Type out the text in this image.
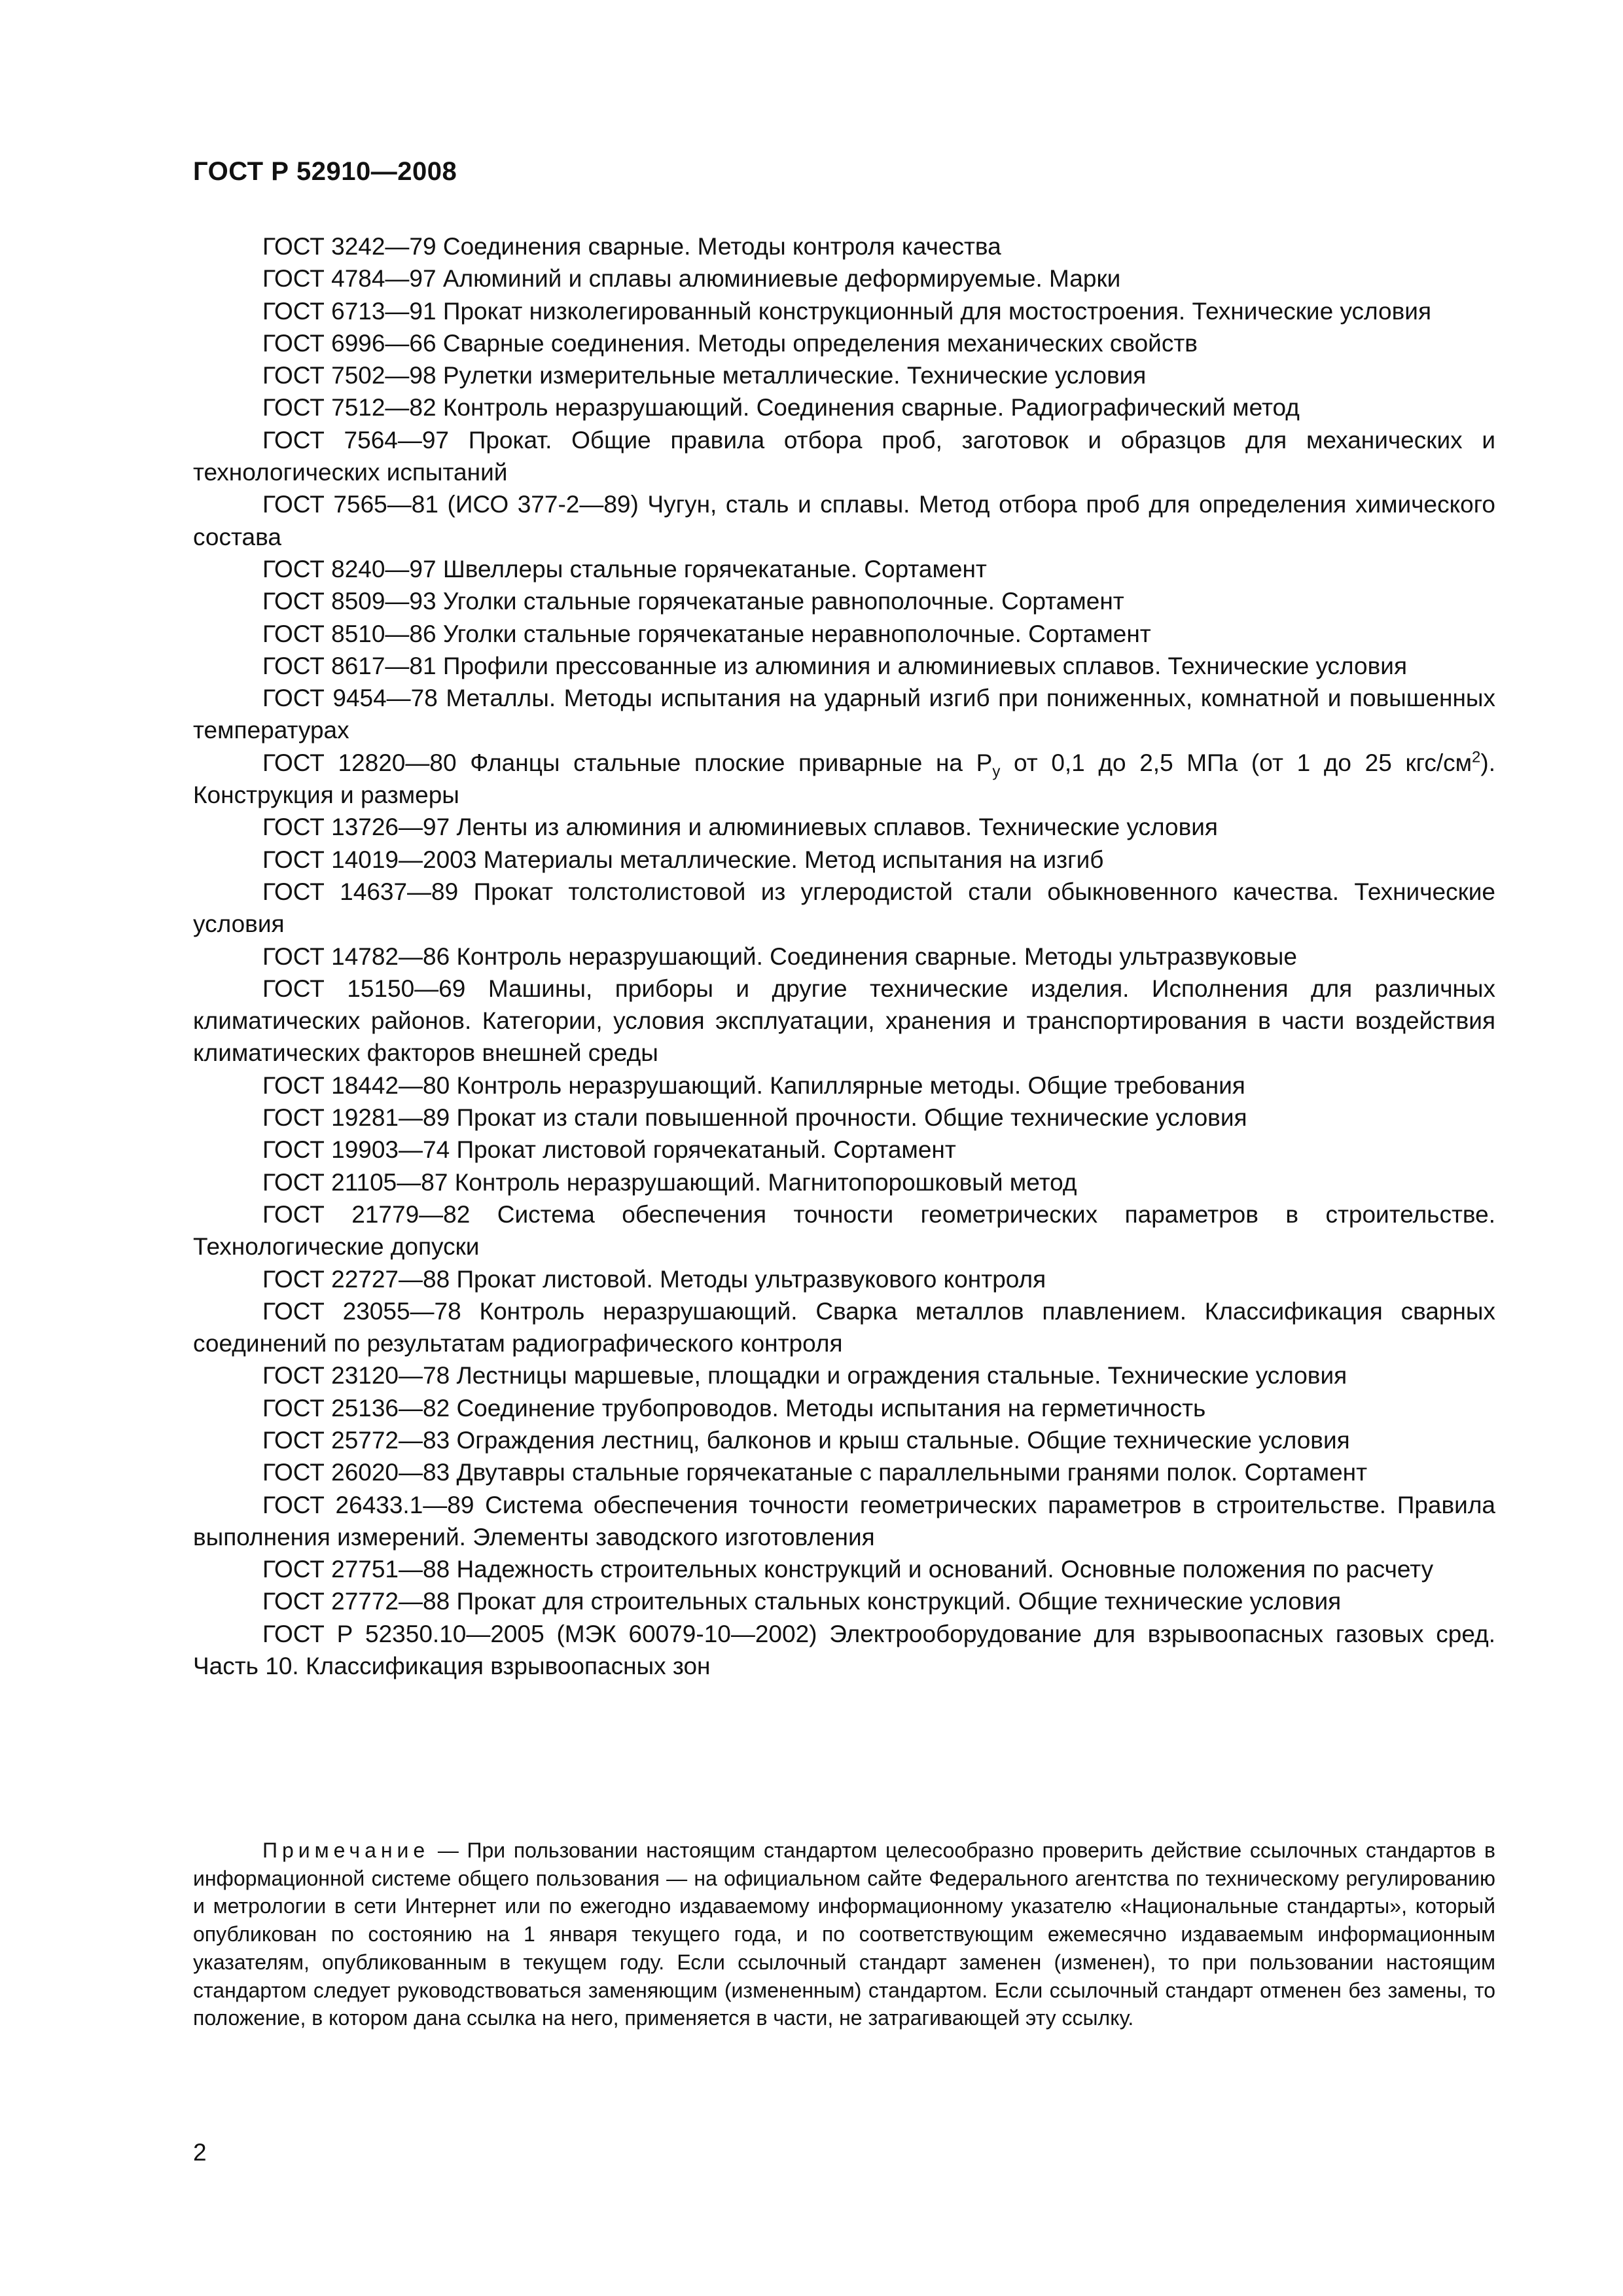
ГОСТ Р 52910—2008

ГОСТ 3242—79 Соединения сварные. Методы контроля качества

ГОСТ 4784—97 Алюминий и сплавы алюминиевые деформируемые. Марки

ГОСТ 6713—91 Прокат низколегированный конструкционный для мостостроения. Технические условия

ГОСТ 6996—66 Сварные соединения. Методы определения механических свойств

ГОСТ 7502—98 Рулетки измерительные металлические. Технические условия

ГОСТ 7512—82 Контроль неразрушающий. Соединения сварные. Радиографический метод

ГОСТ 7564—97 Прокат. Общие правила отбора проб, заготовок и образцов для механических и технологических испытаний

ГОСТ 7565—81 (ИСО 377-2—89) Чугун, сталь и сплавы. Метод отбора проб для определения химического состава

ГОСТ 8240—97 Швеллеры стальные горячекатаные. Сортамент

ГОСТ 8509—93 Уголки стальные горячекатаные равнополочные. Сортамент

ГОСТ 8510—86 Уголки стальные горячекатаные неравнополочные. Сортамент

ГОСТ 8617—81 Профили прессованные из алюминия и алюминиевых сплавов. Технические условия

ГОСТ 9454—78 Металлы. Методы испытания на ударный изгиб при пониженных, комнатной и повышенных температурах

ГОСТ 12820—80 Фланцы стальные плоские приварные на $P_y$ от 0,1 до 2,5 МПа (от 1 до 25 кгс/$см^2$). Конструкция и размеры

ГОСТ 13726—97 Ленты из алюминия и алюминиевых сплавов. Технические условия

ГОСТ 14019—2003 Материалы металлические. Метод испытания на изгиб

ГОСТ 14637—89 Прокат толстолистовой из углеродистой стали обыкновенного качества. Технические условия

ГОСТ 14782—86 Контроль неразрушающий. Соединения сварные. Методы ультразвуковые

ГОСТ 15150—69 Машины, приборы и другие технические изделия. Исполнения для различных климатических районов. Категории, условия эксплуатации, хранения и транспортирования в части воздействия климатических факторов внешней среды

ГОСТ 18442—80 Контроль неразрушающий. Капиллярные методы. Общие требования

ГОСТ 19281—89 Прокат из стали повышенной прочности. Общие технические условия

ГОСТ 19903—74 Прокат листовой горячекатаный. Сортамент

ГОСТ 21105—87 Контроль неразрушающий. Магнитопорошковый метод

ГОСТ 21779—82 Система обеспечения точности геометрических параметров в строительстве. Технологические допуски

ГОСТ 22727—88 Прокат листовой. Методы ультразвукового контроля

ГОСТ 23055—78 Контроль неразрушающий. Сварка металлов плавлением. Классификация сварных соединений по результатам радиографического контроля

ГОСТ 23120—78 Лестницы маршевые, площадки и ограждения стальные. Технические условия

ГОСТ 25136—82 Соединение трубопроводов. Методы испытания на герметичность

ГОСТ 25772—83 Ограждения лестниц, балконов и крыш стальные. Общие технические условия

ГОСТ 26020—83 Двутавры стальные горячекатаные с параллельными гранями полок. Сортамент

ГОСТ 26433.1—89 Система обеспечения точности геометрических параметров в строительстве. Правила выполнения измерений. Элементы заводского изготовления

ГОСТ 27751—88 Надежность строительных конструкций и оснований. Основные положения по расчету

ГОСТ 27772—88 Прокат для строительных стальных конструкций. Общие технические условия

ГОСТ Р 52350.10—2005 (МЭК 60079-10—2002) Электрооборудование для взрывоопасных газовых сред. Часть 10. Классификация взрывоопасных зон

Примечание — При пользовании настоящим стандартом целесообразно проверить действие ссылочных стандартов в информационной системе общего пользования — на официальном сайте Федерального агентства по техническому регулированию и метрологии в сети Интернет или по ежегодно издаваемому информационному указателю «Национальные стандарты», который опубликован по состоянию на 1 января текущего года, и по соответствующим ежемесячно издаваемым информационным указателям, опубликованным в текущем году. Если ссылочный стандарт заменен (изменен), то при пользовании настоящим стандартом следует руководствоваться заменяющим (измененным) стандартом. Если ссылочный стандарт отменен без замены, то положение, в котором дана ссылка на него, применяется в части, не затрагивающей эту ссылку.

2
